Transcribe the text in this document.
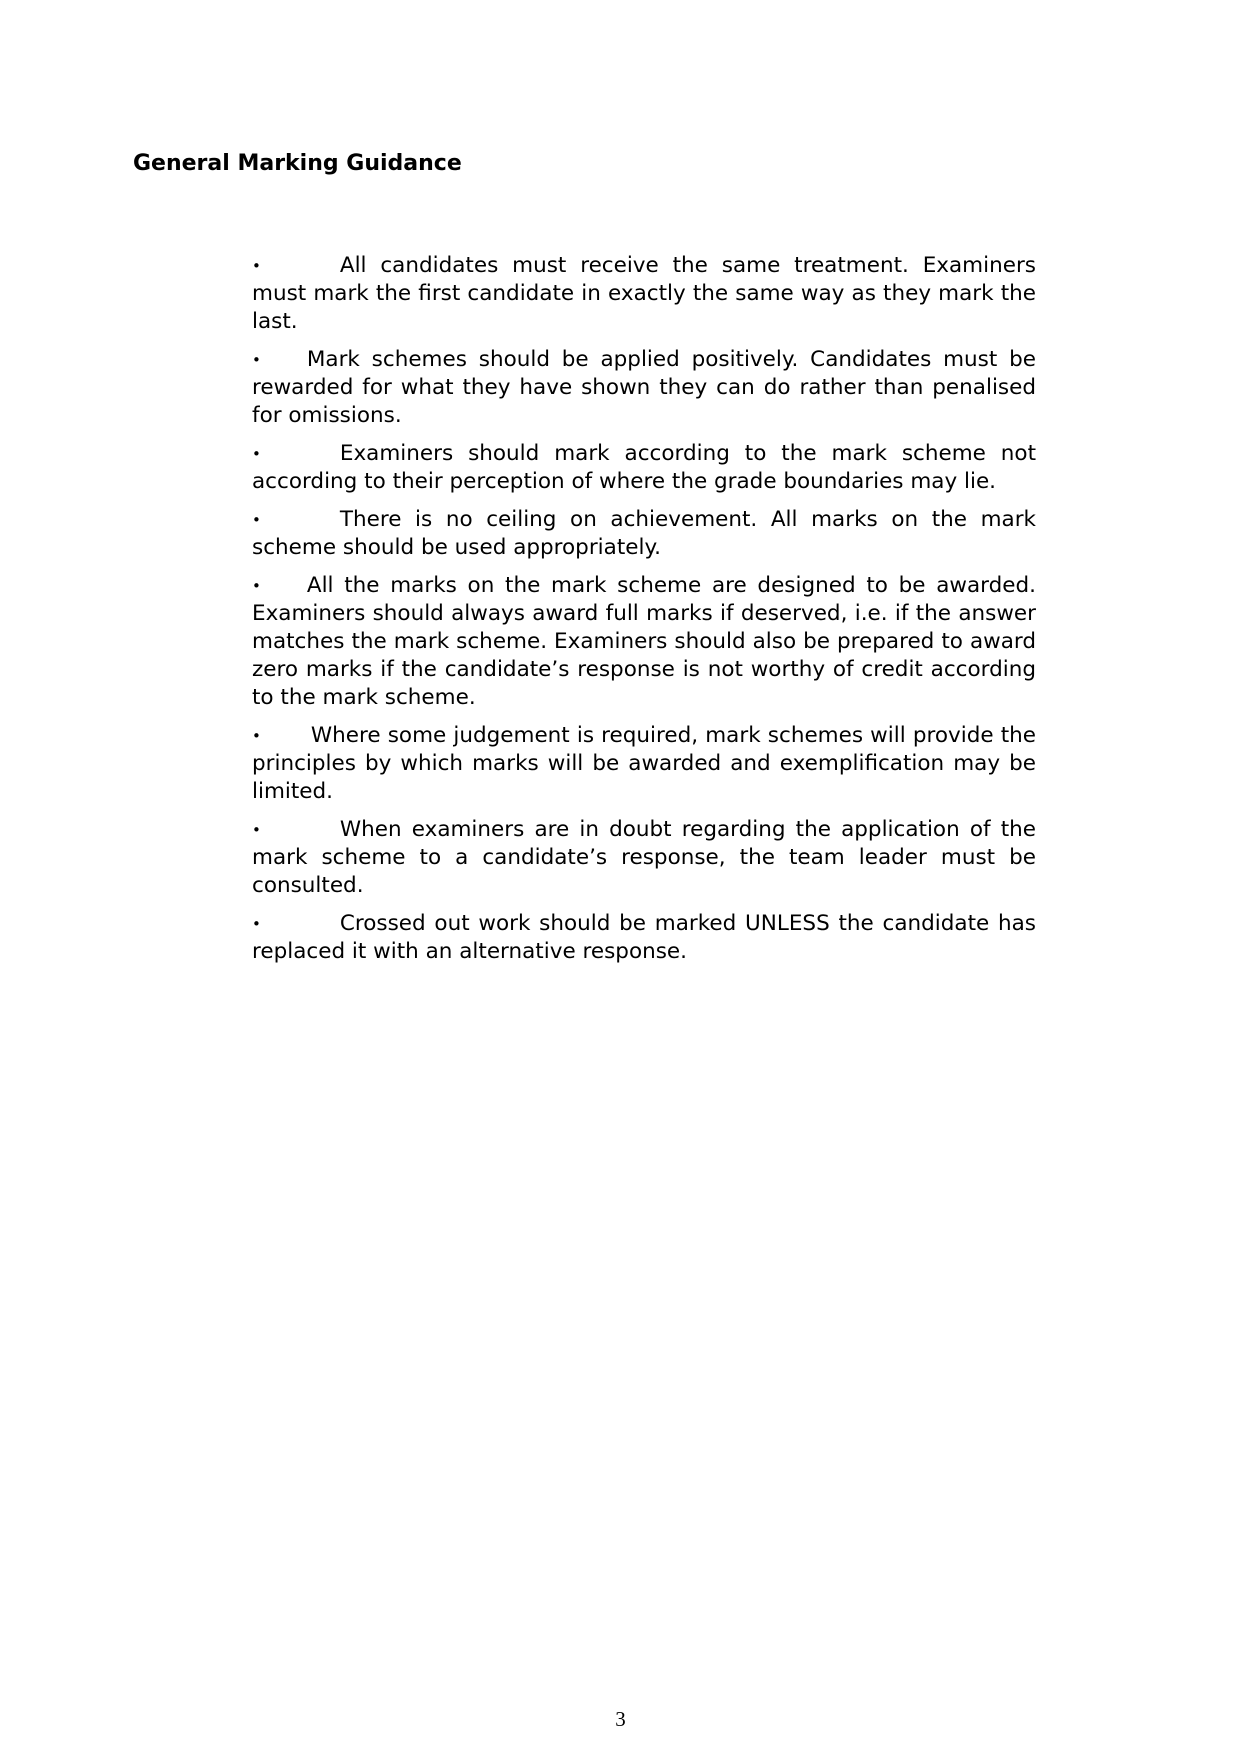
General Marking Guidance
•	All candidates must receive the same treatment. Examiners must mark the first candidate in exactly the same way as they mark the last.
• Mark schemes should be applied positively. Candidates must be rewarded for what they have shown they can do rather than penalised for omissions.
•	Examiners should mark according to the mark scheme not according to their perception of where the grade boundaries may lie.
•	There is no ceiling on achievement. All marks on the mark scheme should be used appropriately.
• All the marks on the mark scheme are designed to be awarded. Examiners should always award full marks if deserved, i.e. if the answer matches the mark scheme. Examiners should also be prepared to award zero marks if the candidate’s response is not worthy of credit according to the mark scheme.
• Where some judgement is required, mark schemes will provide the principles by which marks will be awarded and exemplification may be limited.
•	When examiners are in doubt regarding the application of the mark scheme to a candidate’s response, the team leader must be consulted.
•	Crossed out work should be marked UNLESS the candidate has replaced it with an alternative response.
3
